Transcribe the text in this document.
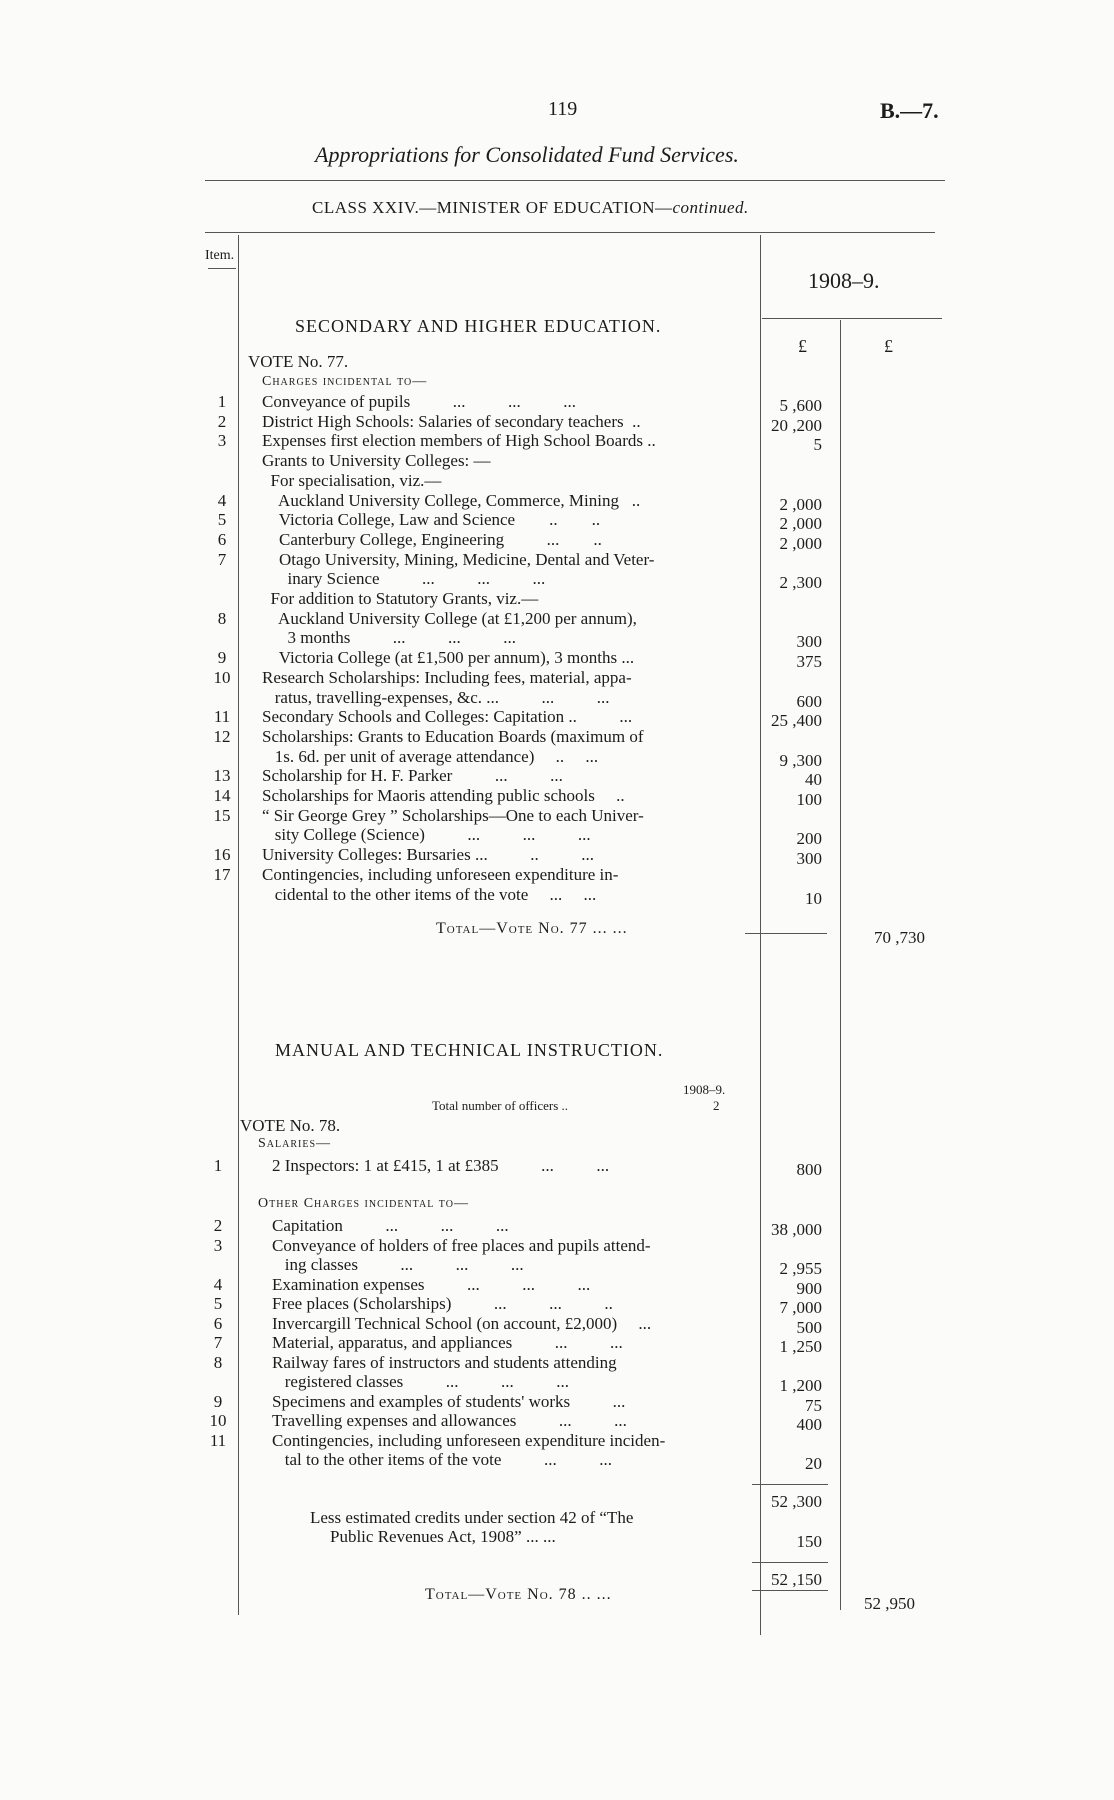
119	B.—7.
Appropriations for Consolidated Fund Services.
CLASS XXIV.—MINISTER OF EDUCATION—continued.
Item.
1908–9.
£	£
SECONDARY AND HIGHER EDUCATION.
VOTE No. 77.
Charges incidental to—
1	Conveyance of pupils          ...          ...          ...	5 ,600
2	District High Schools: Salaries of secondary teachers  ..	20 ,200
3	Expenses first election members of High School Boards ..	5
Grants to University Colleges: —
For specialisation, viz.—
4	Auckland University College, Commerce, Mining   ..	2 ,000
5	Victoria College, Law and Science        ..        ..	2 ,000
6	Canterbury College, Engineering          ...        ..	2 ,000
7	Otago University, Mining, Medicine, Dental and Veter-
inary Science          ...          ...          ...	2 ,300
For addition to Statutory Grants, viz.—
8	Auckland University College (at £1,200 per annum),
3 months          ...          ...          ...	300
9	Victoria College (at £1,500 per annum), 3 months ...	375
10	Research Scholarships: Including fees, material, appa-
ratus, travelling-expenses, &c. ...          ...          ...	600
11	Secondary Schools and Colleges: Capitation ..          ...	25 ,400
12	Scholarships: Grants to Education Boards (maximum of
1s. 6d. per unit of average attendance)     ..     ...	9 ,300
13	Scholarship for H. F. Parker          ...          ...	40
14	Scholarships for Maoris attending public schools     ..	100
15	“ Sir George Grey ” Scholarships—One to each Univer-
sity College (Science)          ...          ...          ...	200
16	University Colleges: Bursaries ...          ..          ...	300
17	Contingencies, including unforeseen expenditure in-
cidental to the other items of the vote     ...     ...	10
Total—Vote No. 77 ... ...	70 ,730
MANUAL AND TECHNICAL INSTRUCTION.
1908–9.
Total number of officers ..	2
VOTE No. 78.
Salaries—
1	2 Inspectors: 1 at £415, 1 at £385          ...          ...	800
Other Charges incidental to—
2	Capitation          ...          ...          ...	38 ,000
3	Conveyance of holders of free places and pupils attend-
ing classes          ...          ...          ...	2 ,955
4	Examination expenses          ...          ...          ...	900
5	Free places (Scholarships)          ...          ...          ..	7 ,000
6	Invercargill Technical School (on account, £2,000)     ...	500
7	Material, apparatus, and appliances          ...          ...	1 ,250
8	Railway fares of instructors and students attending
registered classes          ...          ...          ...	1 ,200
9	Specimens and examples of students' works          ...	75
10	Travelling expenses and allowances          ...          ...	400
11	Contingencies, including unforeseen expenditure inciden-
tal to the other items of the vote          ...          ...	20
52 ,300
Less estimated credits under section 42 of “The
Public Revenues Act, 1908” ... ...	150
52 ,150
Total—Vote No. 78 .. ...	52 ,950
